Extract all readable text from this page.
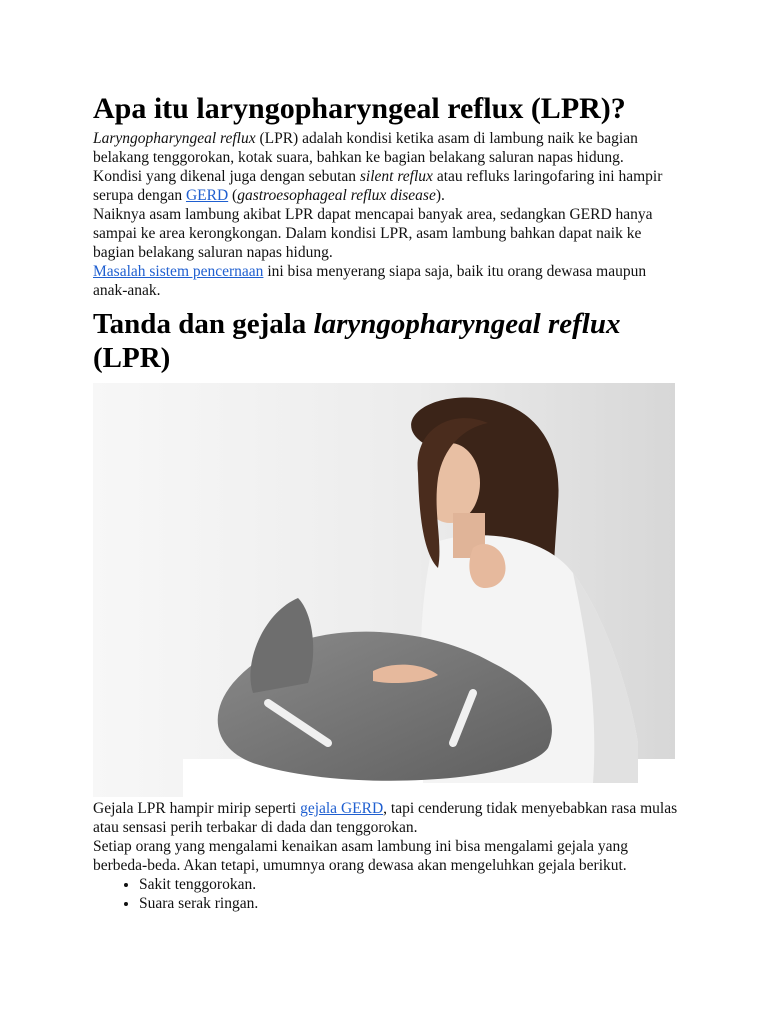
Apa itu laryngopharyngeal reflux (LPR)?

Laryngopharyngeal reflux (LPR) adalah kondisi ketika asam di lambung naik ke bagian belakang tenggorokan, kotak suara, bahkan ke bagian belakang saluran napas hidung.

Kondisi yang dikenal juga dengan sebutan silent reflux atau refluks laringofaring ini hampir serupa dengan GERD (gastroesophageal reflux disease).

Naiknya asam lambung akibat LPR dapat mencapai banyak area, sedangkan GERD hanya sampai ke area kerongkongan. Dalam kondisi LPR, asam lambung bahkan dapat naik ke bagian belakang saluran napas hidung.

Masalah sistem pencernaan ini bisa menyerang siapa saja, baik itu orang dewasa maupun anak-anak.

Tanda dan gejala laryngopharyngeal reflux (LPR)

Gejala LPR hampir mirip seperti gejala GERD, tapi cenderung tidak menyebabkan rasa mulas atau sensasi perih terbakar di dada dan tenggorokan.

Setiap orang yang mengalami kenaikan asam lambung ini bisa mengalami gejala yang berbeda-beda. Akan tetapi, umumnya orang dewasa akan mengeluhkan gejala berikut.

• Sakit tenggorokan.
• Suara serak ringan.
